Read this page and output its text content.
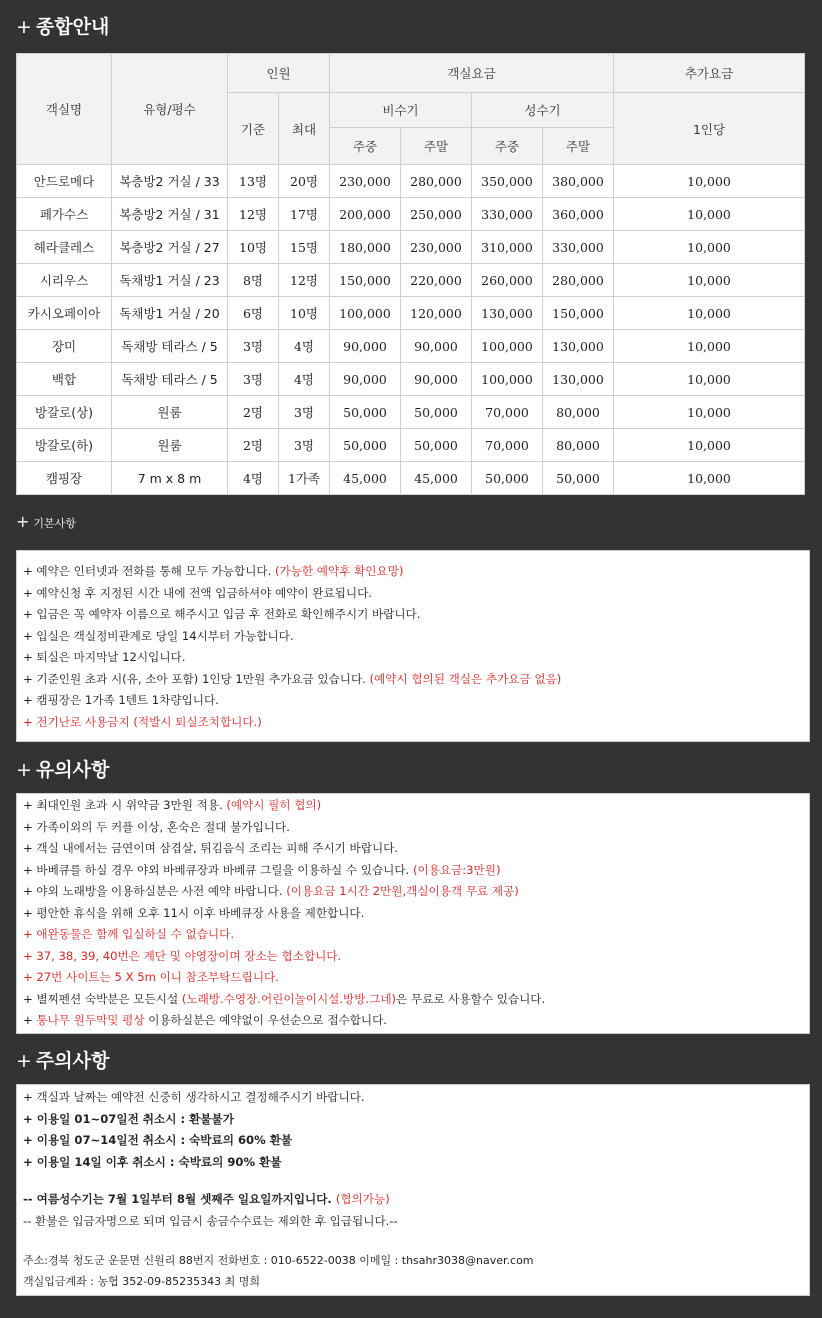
+ 종합안내
객실명	유형/평수	인원		객실요금				추가요금
		기준	최대	비수기		성수기		1인당
				주중	주말	주중	주말	
안드로메다	복층방2 거실 / 33	13명	20명	230,000	280,000	350,000	380,000	10,000
페가수스	복층방2 거실 / 31	12명	17명	200,000	250,000	330,000	360,000	10,000
헤라클레스	복층방2 거실 / 27	10명	15명	180,000	230,000	310,000	330,000	10,000
시리우스	독채방1 거실 / 23	8명	12명	150,000	220,000	260,000	280,000	10,000
카시오페이아	독채방1 거실 / 20	6명	10명	100,000	120,000	130,000	150,000	10,000
장미	독채방 테라스 / 5	3명	4명	90,000	90,000	100,000	130,000	10,000
백합	독채방 테라스 / 5	3명	4명	90,000	90,000	100,000	130,000	10,000
방갈로(상)	원룸	2명	3명	50,000	50,000	70,000	80,000	10,000
방갈로(하)	원룸	2명	3명	50,000	50,000	70,000	80,000	10,000
캠핑장	7 m x 8 m	4명	1가족	45,000	45,000	50,000	50,000	10,000
+ 기본사항
+ 예약은 인터넷과 전화를 통해 모두 가능합니다. (가능한 예약후 확인요망)
+ 예약신청 후 지정된 시간 내에 전액 입금하셔야 예약이 완료됩니다.
+ 입금은 꼭 예약자 이름으로 해주시고 입금 후 전화로 확인해주시기 바랍니다.
+ 입실은 객실정비관계로 당일 14시부터 가능합니다.
+ 퇴실은 마지막날 12시입니다.
+ 기준인원 초과 시(유, 소아 포함) 1인당 1만원 추가요금 있습니다. (예약시 협의된 객실은 추가요금 없음)
+ 캠핑장은 1가족 1텐트 1차량입니다.
+ 전기난로 사용금지 (적발시 퇴실조치합니다.)
+ 유의사항
+ 최대인원 초과 시 위약금 3만원 적용. (예약시 필히 협의)
+ 가족이외의 두 커플 이상, 혼숙은 절대 불가입니다.
+ 객실 내에서는 금연이며 삼겹살, 튀김음식 조리는 피해 주시기 바랍니다.
+ 바베큐를 하실 경우 야외 바베큐장과 바베큐 그릴을 이용하실 수 있습니다. (이용요금:3만원)
+ 야외 노래방을 이용하실분은 사전 예약 바랍니다. (이용요금 1시간 2만원,객실이용객 무료 제공)
+ 평안한 휴식을 위해 오후 11시 이후 바베큐장 사용을 제한합니다.
+ 애완동물은 함께 입실하실 수 없습니다.
+ 37, 38, 39, 40번은 계단 및 야영장이며 장소는 협소합니다.
+ 27번 사이트는 5 X 5m 이니 참조부탁드립니다.
+ 별찌펜션 숙박분은 모든시설 (노래방.수영장.어린이놀이시설.방방.그네)은 무료로 사용할수 있습니다.
+ 통나무 원두막및 평상 이용하실분은 예약없이 우선순으로 접수합니다.
+ 주의사항
+ 객실과 날짜는 예약전 신중히 생각하시고 결정해주시기 바랍니다.
+ 이용일 01~07일전 취소시 : 환불불가
+ 이용일 07~14일전 취소시 : 숙박료의 60% 환불
+ 이용일 14일 이후 취소시 : 숙박료의 90% 환불
-- 여름성수기는 7월 1일부터 8월 셋째주 일요일까지입니다. (협의가능)
-- 환불은 입금자명으로 되며 입금시 송금수수료는 제외한 후 입급됩니다.--
주소:경북 청도군 운문면 신원리 88번지 전화번호 : 010-6522-0038 이메일 : thsahr3038@naver.com
객실입금계좌 : 농협 352-09-85235343 최 명희
